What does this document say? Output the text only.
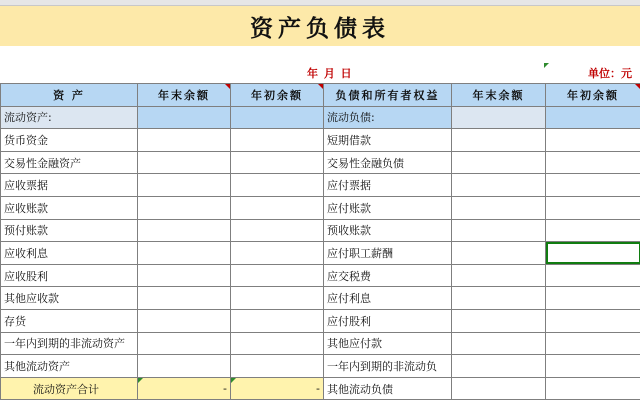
资产负债表
年 月 日	单位：元
资 产	年末余额	年初余额	负债和所有者权益	年末余额	年初余额

流动资产:			流动负债:		
货币资金			短期借款		
交易性金融资产			交易性金融负债		
应收票据			应付票据		
应收账款			应付账款		
预付账款			预收账款		
应收利息			应付职工薪酬		
应收股利			应交税费		
其他应收款			应付利息		
存货			应付股利		
一年内到期的非流动资产			其他应付款		
其他流动资产			一年内到期的非流动负		
流动资产合计	-	-	其他流动负债		
